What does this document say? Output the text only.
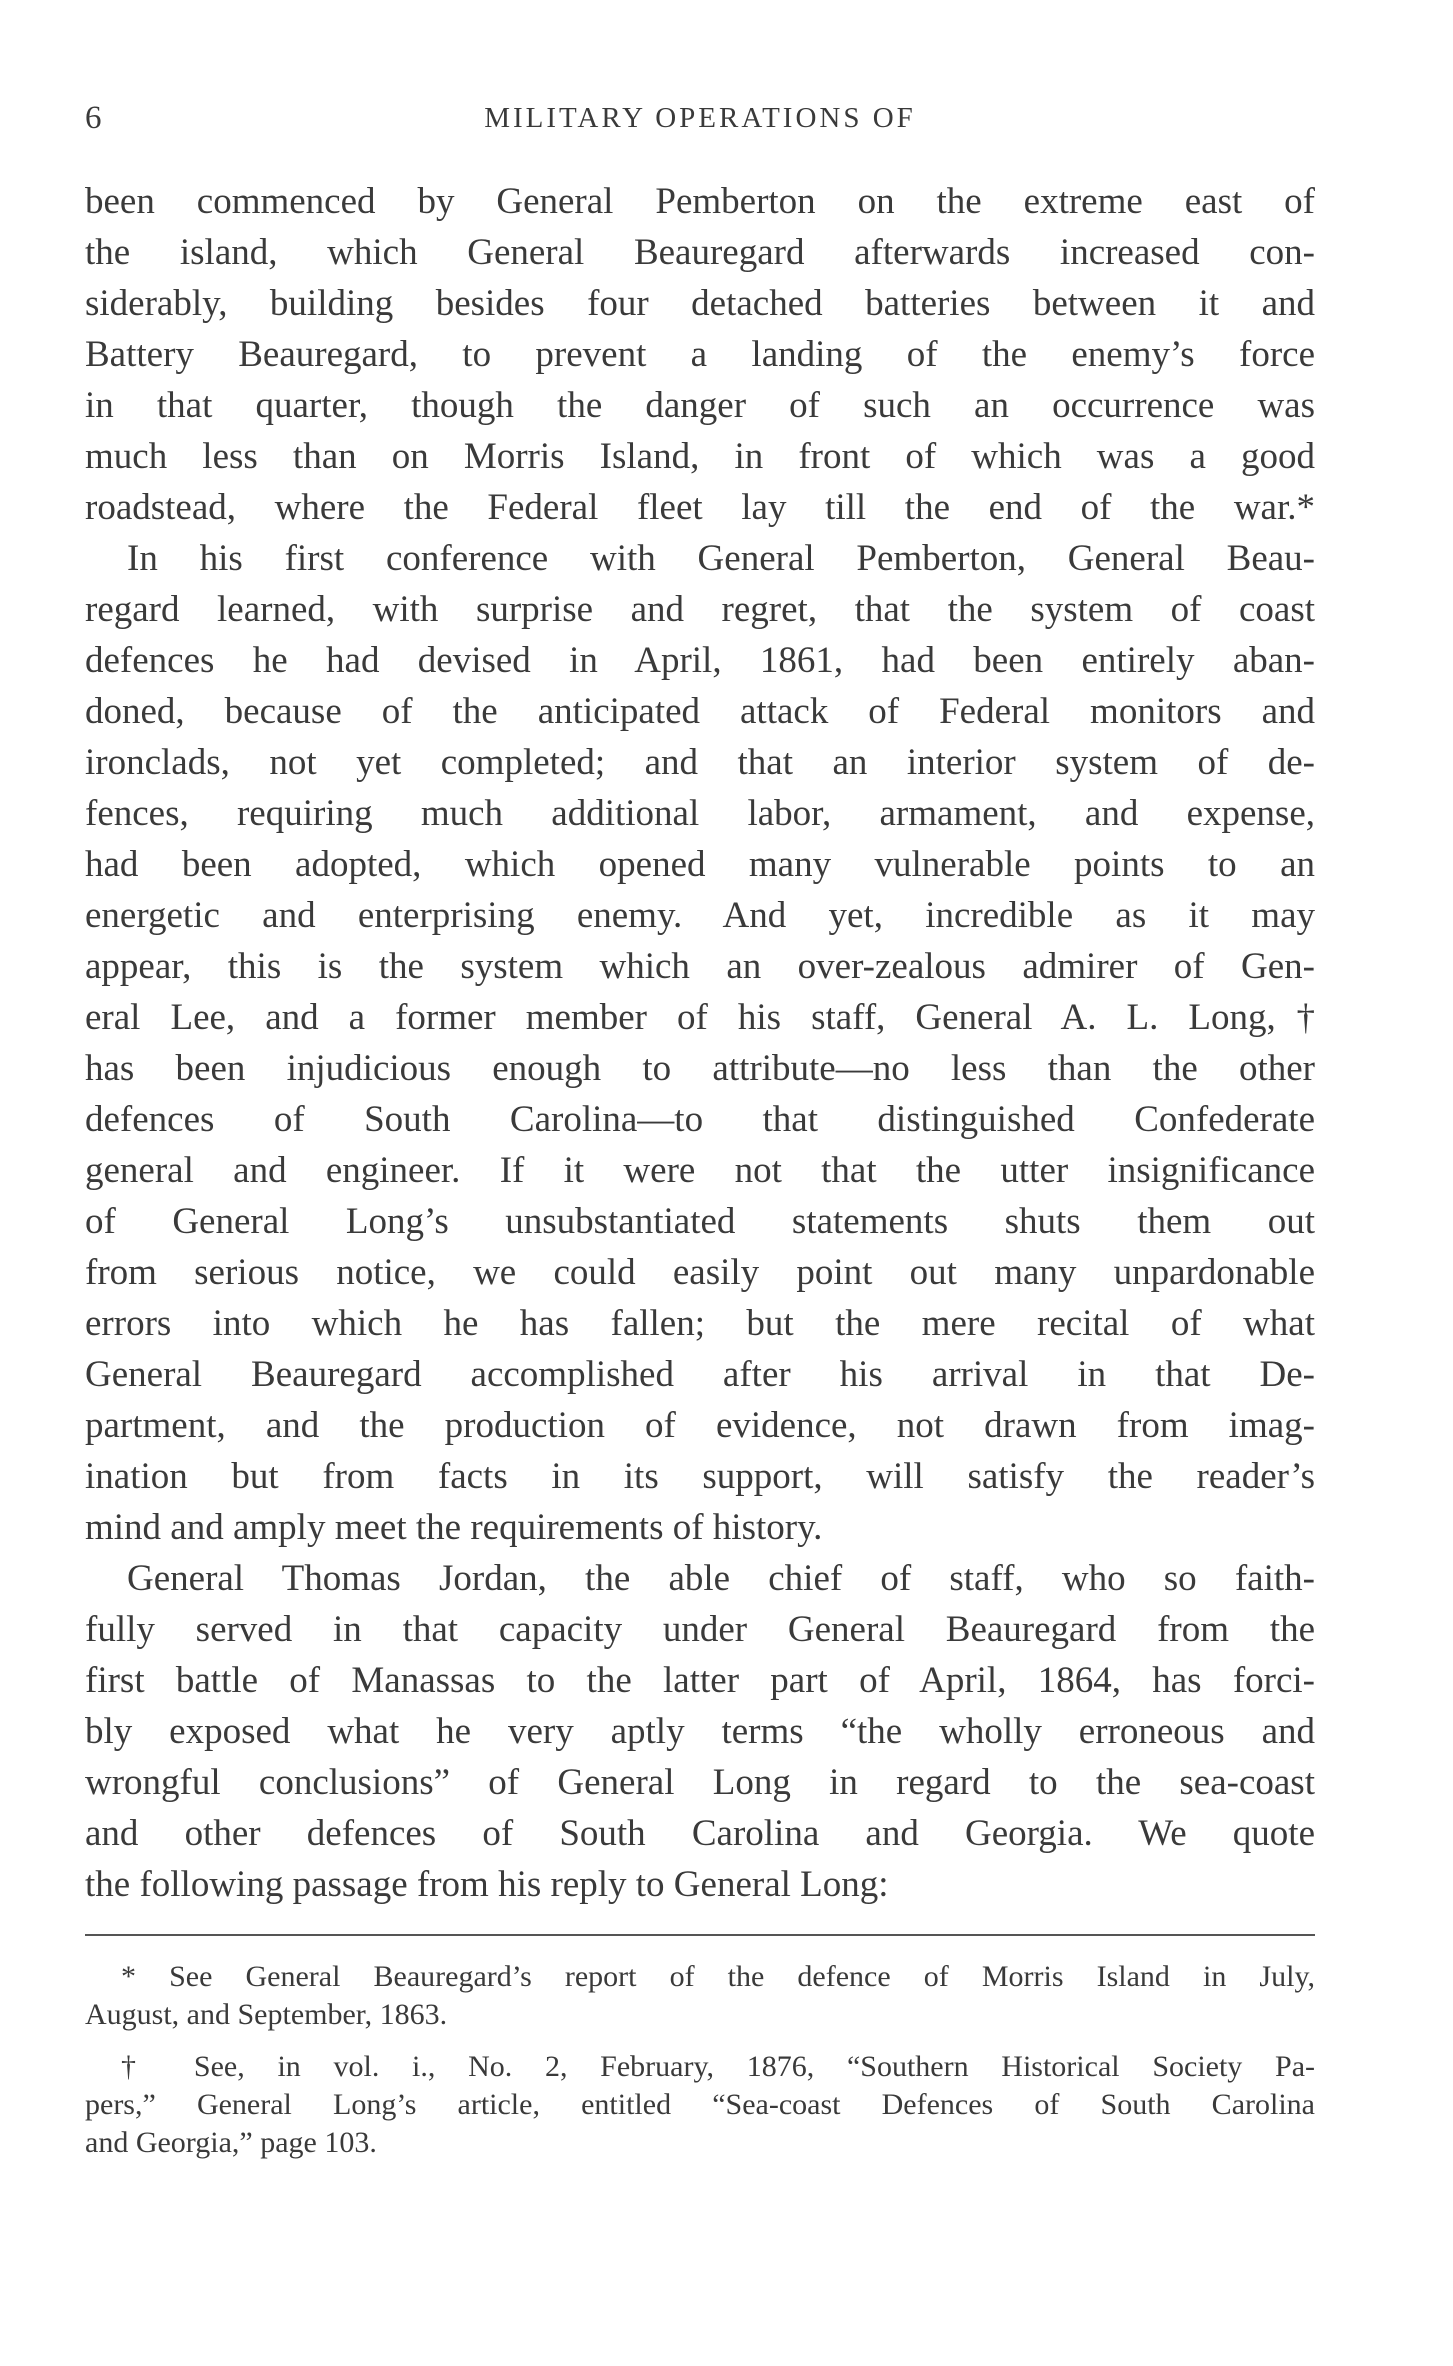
6	MILITARY OPERATIONS OF
been commenced by General Pemberton on the extreme east of
the island, which General Beauregard afterwards increased con-
siderably, building besides four detached batteries between it and
Battery Beauregard, to prevent a landing of the enemy’s force
in that quarter, though the danger of such an occurrence was
much less than on Morris Island, in front of which was a good
roadstead, where the Federal fleet lay till the end of the war.*
In his first conference with General Pemberton, General Beau-
regard learned, with surprise and regret, that the system of coast
defences he had devised in April, 1861, had been entirely aban-
doned, because of the anticipated attack of Federal monitors and
ironclads, not yet completed; and that an interior system of de-
fences, requiring much additional labor, armament, and expense,
had been adopted, which opened many vulnerable points to an
energetic and enterprising enemy. And yet, incredible as it may
appear, this is the system which an over-zealous admirer of Gen-
eral Lee, and a former member of his staff, General A. L. Long,†
has been injudicious enough to attribute—no less than the other
defences of South Carolina—to that distinguished Confederate
general and engineer. If it were not that the utter insignificance
of General Long’s unsubstantiated statements shuts them out
from serious notice, we could easily point out many unpardonable
errors into which he has fallen; but the mere recital of what
General Beauregard accomplished after his arrival in that De-
partment, and the production of evidence, not drawn from imag-
ination but from facts in its support, will satisfy the reader’s
mind and amply meet the requirements of history.
General Thomas Jordan, the able chief of staff, who so faith-
fully served in that capacity under General Beauregard from the
first battle of Manassas to the latter part of April, 1864, has forci-
bly exposed what he very aptly terms “the wholly erroneous and
wrongful conclusions” of General Long in regard to the sea-coast
and other defences of South Carolina and Georgia. We quote
the following passage from his reply to General Long:
* See General Beauregard’s report of the defence of Morris Island in July,
August, and September, 1863.
† See, in vol. i., No. 2, February, 1876, “Southern Historical Society Pa-
pers,” General Long’s article, entitled “Sea-coast Defences of South Carolina
and Georgia,” page 103.
